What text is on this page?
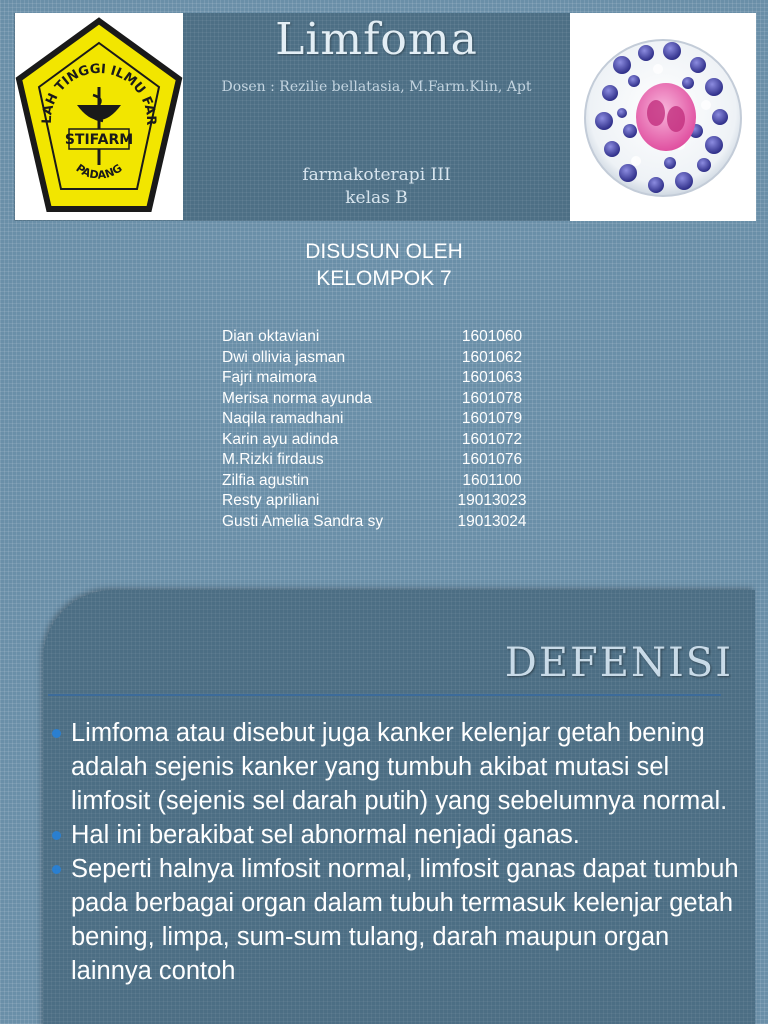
LAH TINGGI ILMU FAR
STIFARM
PADANG
Limfoma
Dosen : Rezilie bellatasia, M.Farm.Klin, Apt
farmakoterapi III
kelas B
DISUSUN OLEH
KELOMPOK 7
Dian oktaviani	1601060
Dwi ollivia jasman	1601062
Fajri maimora	1601063
Merisa norma ayunda	1601078
Naqila ramadhani	1601079
Karin ayu adinda	1601072
M.Rizki firdaus	1601076
Zilfia agustin	1601100
Resty apriliani	19013023
Gusti Amelia Sandra sy	19013024
DEFENISI
Limfoma atau disebut juga kanker kelenjar getah bening adalah sejenis kanker yang tumbuh akibat mutasi sel limfosit (sejenis sel darah putih) yang sebelumnya normal.
Hal ini berakibat sel abnormal nenjadi ganas.
Seperti halnya limfosit normal, limfosit ganas dapat tumbuh pada berbagai organ dalam tubuh termasuk kelenjar getah bening, limpa, sum-sum tulang, darah maupun organ lainnya contoh
